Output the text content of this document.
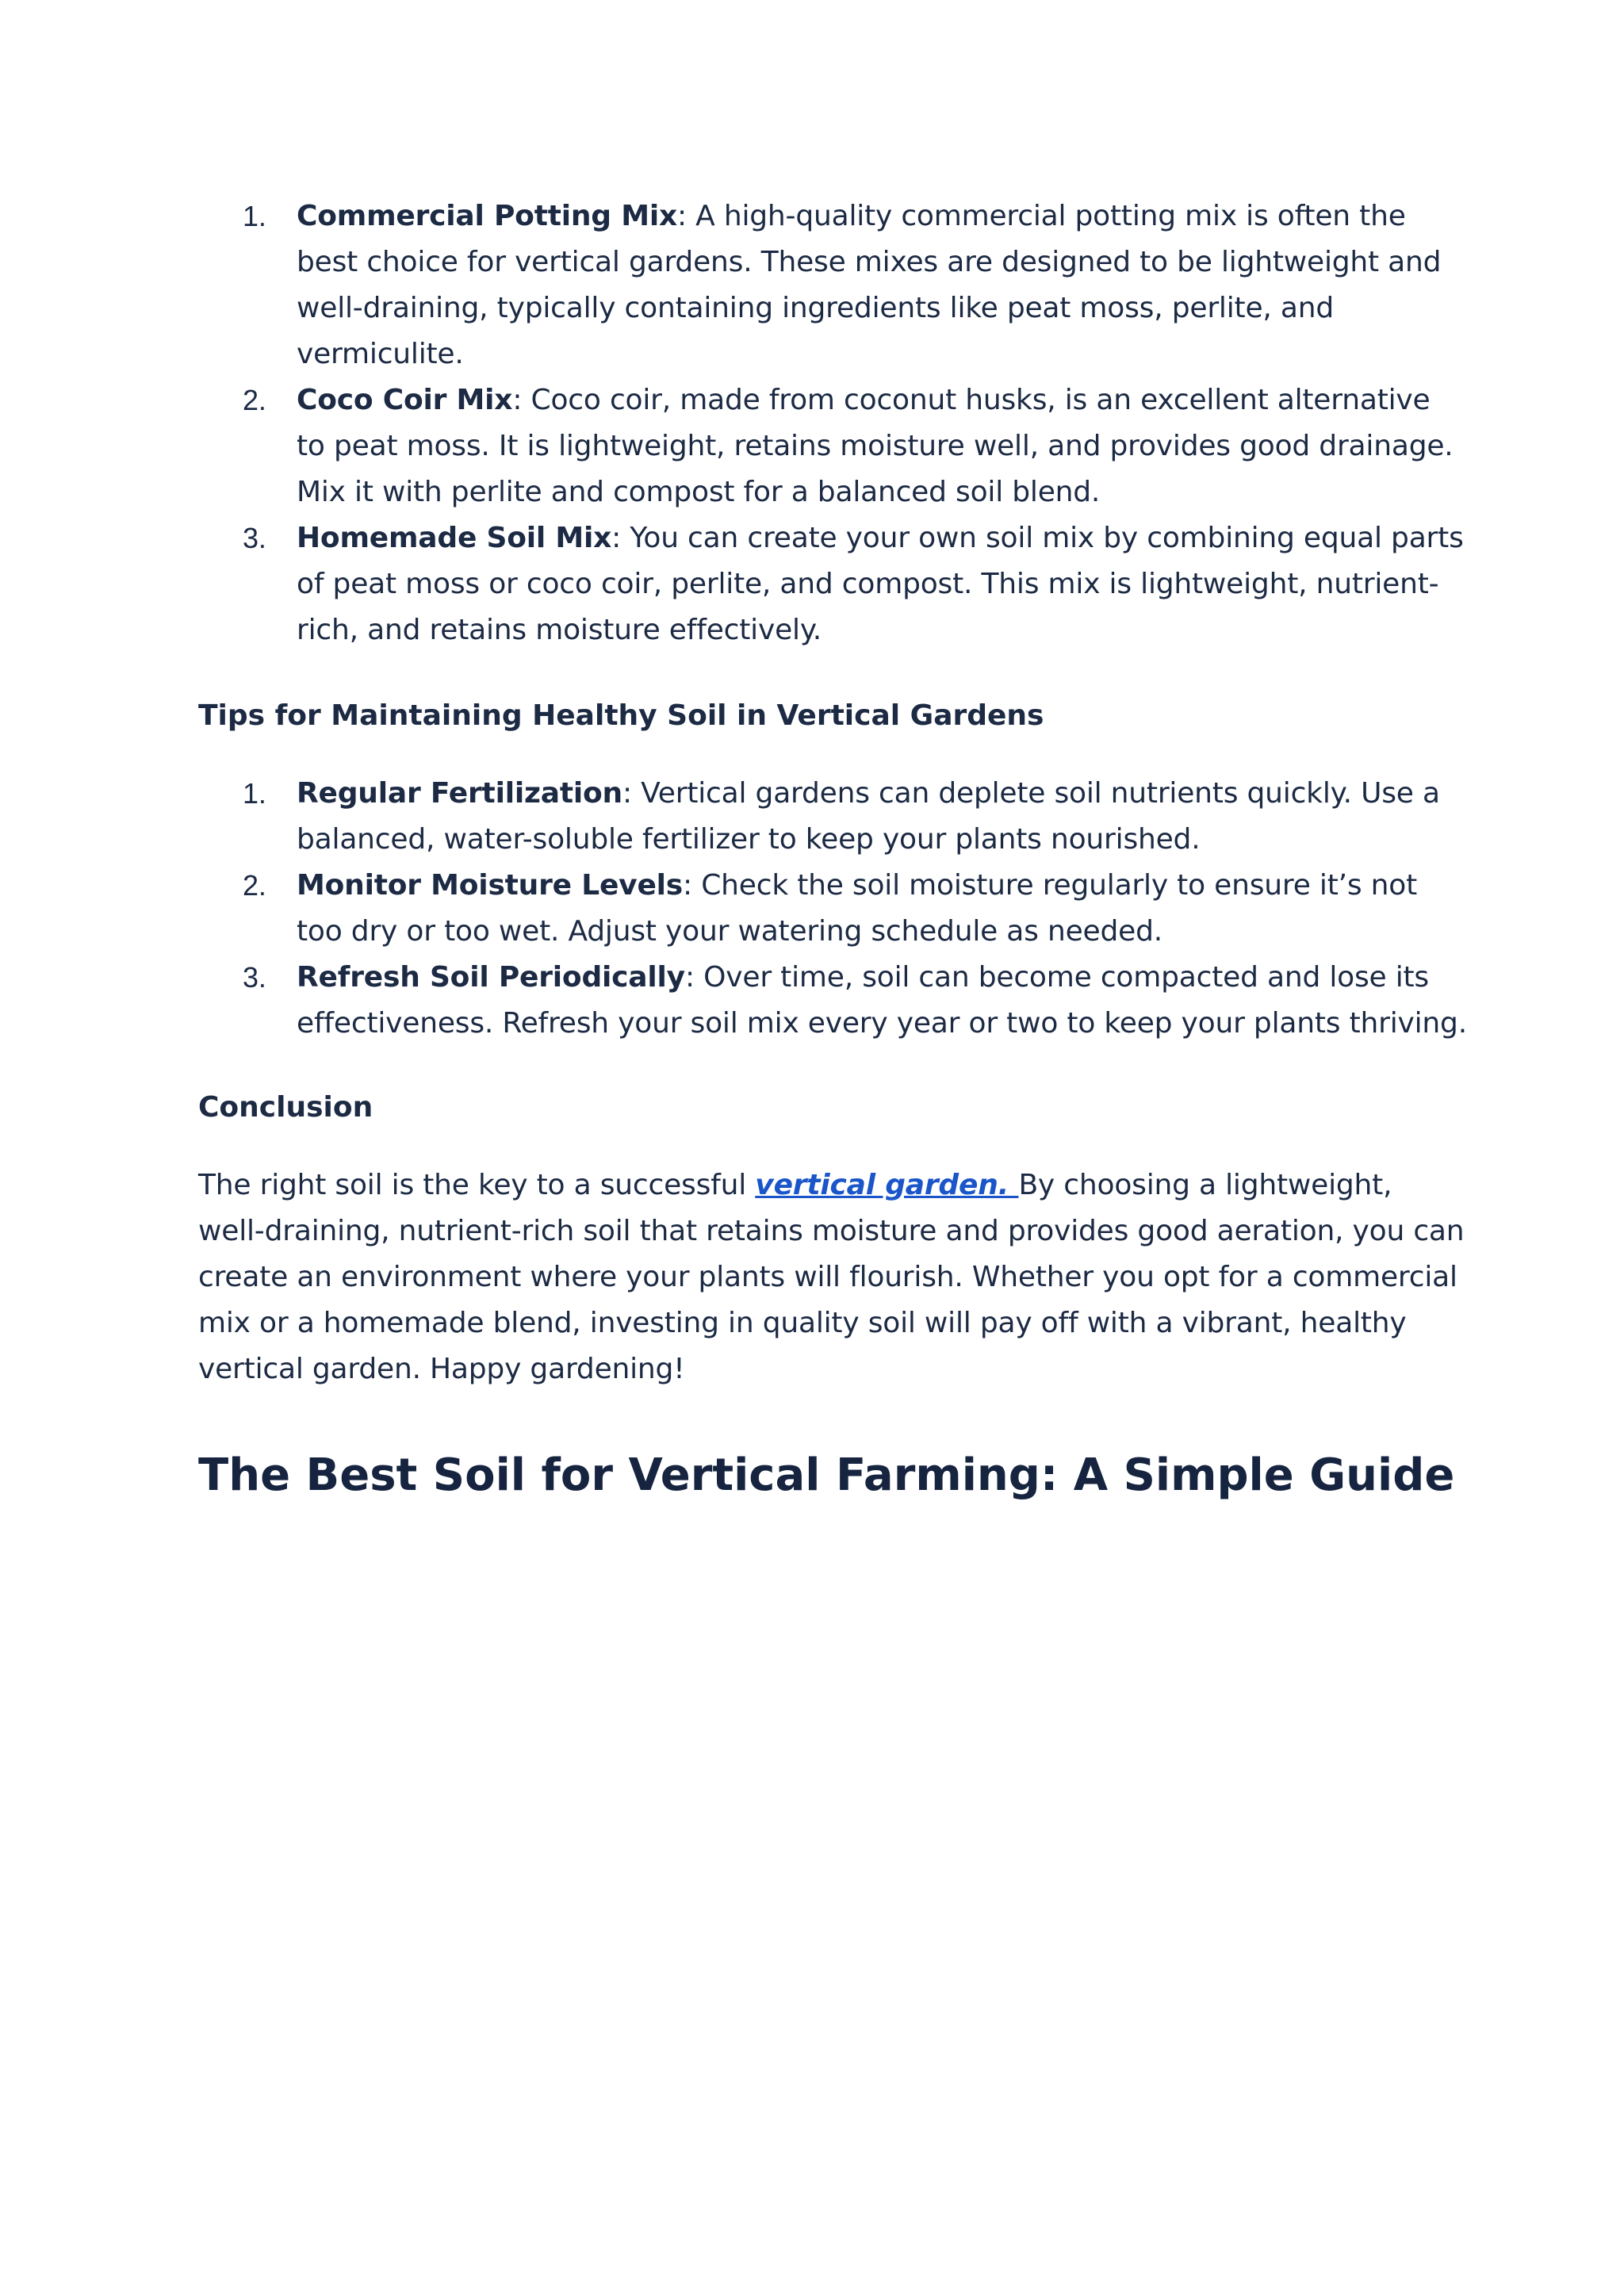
1. Commercial Potting Mix: A high-quality commercial potting mix is often the best choice for vertical gardens. These mixes are designed to be lightweight and well-draining, typically containing ingredients like peat moss, perlite, and vermiculite.
2. Coco Coir Mix: Coco coir, made from coconut husks, is an excellent alternative to peat moss. It is lightweight, retains moisture well, and provides good drainage. Mix it with perlite and compost for a balanced soil blend.
3. Homemade Soil Mix: You can create your own soil mix by combining equal parts of peat moss or coco coir, perlite, and compost. This mix is lightweight, nutrient-rich, and retains moisture effectively.
Tips for Maintaining Healthy Soil in Vertical Gardens
1. Regular Fertilization: Vertical gardens can deplete soil nutrients quickly. Use a balanced, water-soluble fertilizer to keep your plants nourished.
2. Monitor Moisture Levels: Check the soil moisture regularly to ensure it’s not too dry or too wet. Adjust your watering schedule as needed.
3. Refresh Soil Periodically: Over time, soil can become compacted and lose its effectiveness. Refresh your soil mix every year or two to keep your plants thriving.
Conclusion

The right soil is the key to a successful vertical garden. By choosing a lightweight, well-draining, nutrient-rich soil that retains moisture and provides good aeration, you can create an environment where your plants will flourish. Whether you opt for a commercial mix or a homemade blend, investing in quality soil will pay off with a vibrant, healthy vertical garden. Happy gardening!

The Best Soil for Vertical Farming: A Simple Guide
